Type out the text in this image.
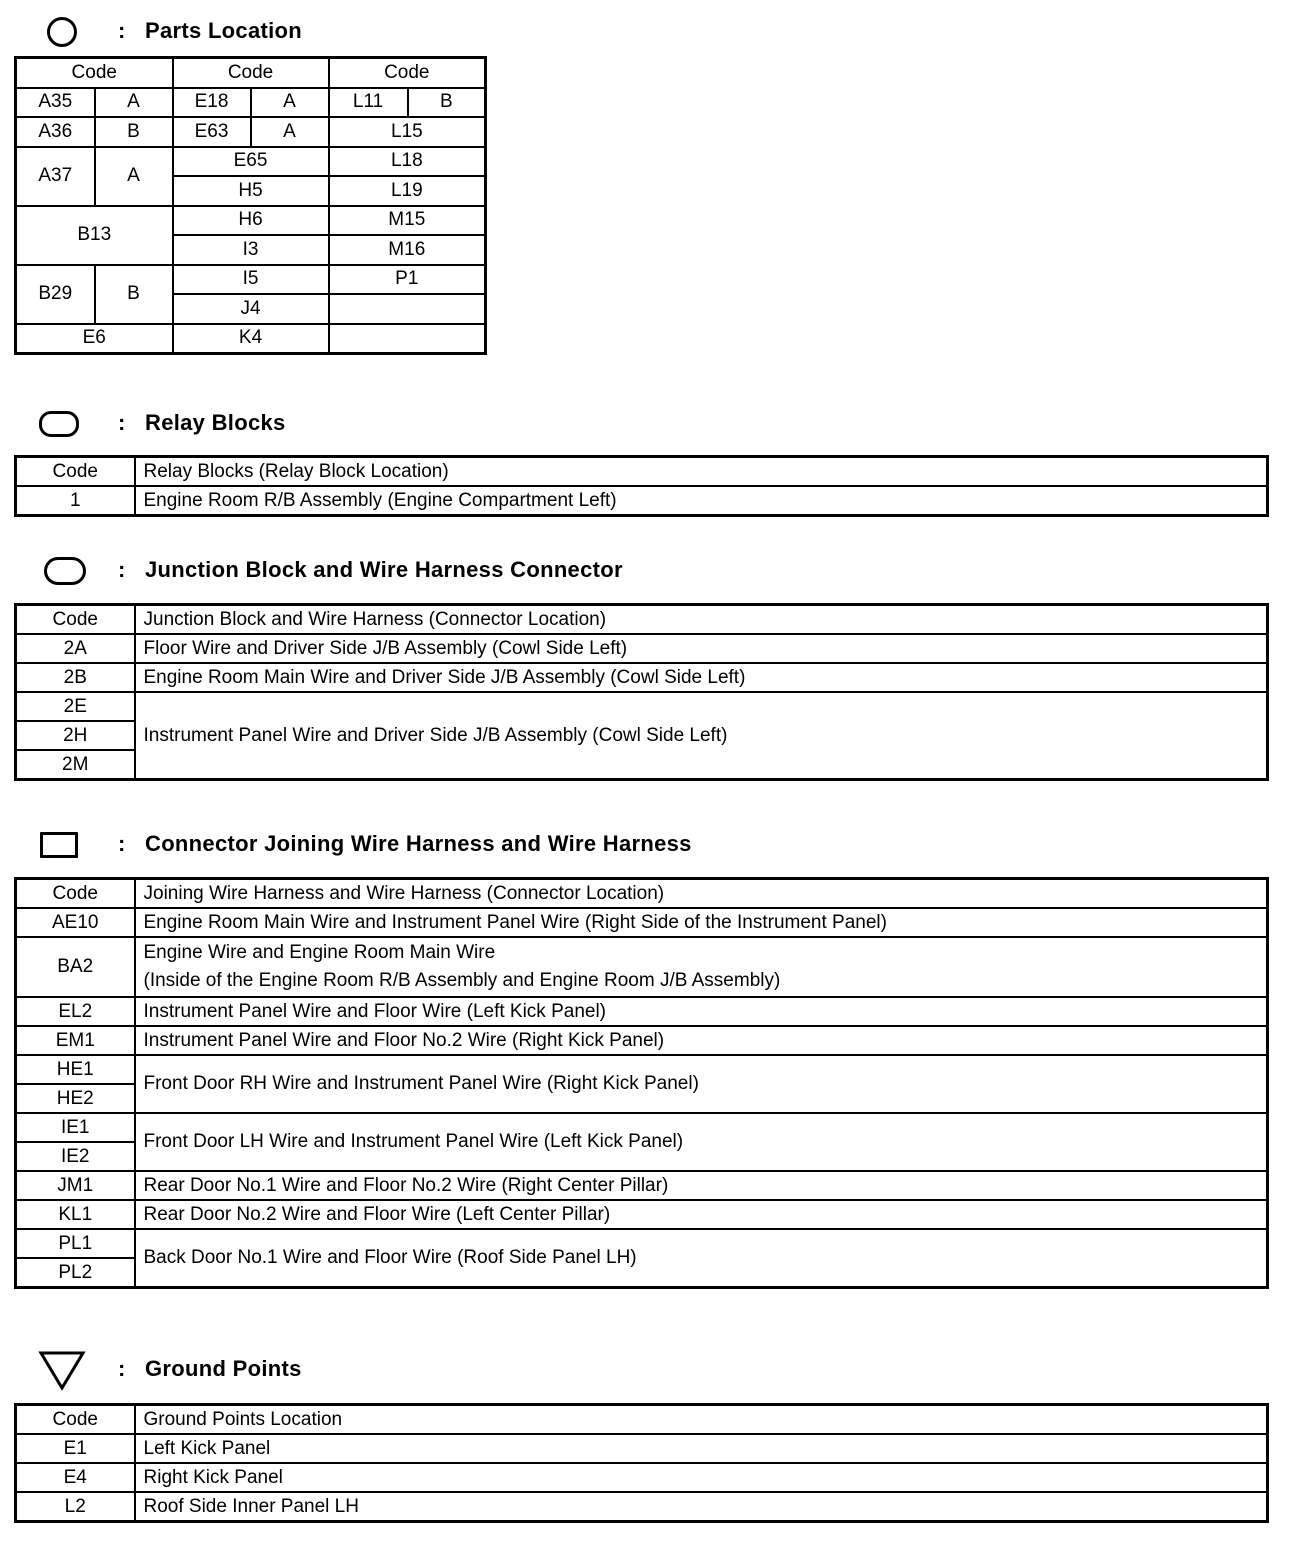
: Parts Location
Code		Code		Code	
A35	A	E18	A	L11	B
A36	B	E63	A	L15	
A37	A	E65		L18	
		H5		L19	
B13		H6		M15	
		I3		M16	
B29	B	I5		P1	
		J4			
E6		K4			
: Relay Blocks
Code	Relay Blocks (Relay Block Location)
1	Engine Room R/B Assembly (Engine Compartment Left)
: Junction Block and Wire Harness Connector
Code	Junction Block and Wire Harness (Connector Location)
2A	Floor Wire and Driver Side J/B Assembly (Cowl Side Left)
2B	Engine Room Main Wire and Driver Side J/B Assembly (Cowl Side Left)
2E	Instrument Panel Wire and Driver Side J/B Assembly (Cowl Side Left)
2H	
2M	
: Connector Joining Wire Harness and Wire Harness
Code	Joining Wire Harness and Wire Harness (Connector Location)
AE10	Engine Room Main Wire and Instrument Panel Wire (Right Side of the Instrument Panel)
BA2	Engine Wire and Engine Room Main Wire
(Inside of the Engine Room R/B Assembly and Engine Room J/B Assembly)

EL2	Instrument Panel Wire and Floor Wire (Left Kick Panel)
EM1	Instrument Panel Wire and Floor No.2 Wire (Right Kick Panel)
HE1	Front Door RH Wire and Instrument Panel Wire (Right Kick Panel)
HE2	
IE1	Front Door LH Wire and Instrument Panel Wire (Left Kick Panel)
IE2	
JM1	Rear Door No.1 Wire and Floor No.2 Wire (Right Center Pillar)
KL1	Rear Door No.2 Wire and Floor Wire (Left Center Pillar)
PL1	Back Door No.1 Wire and Floor Wire (Roof Side Panel LH)
PL2	
: Ground Points
Code	Ground Points Location
E1	Left Kick Panel
E4	Right Kick Panel
L2	Roof Side Inner Panel LH
